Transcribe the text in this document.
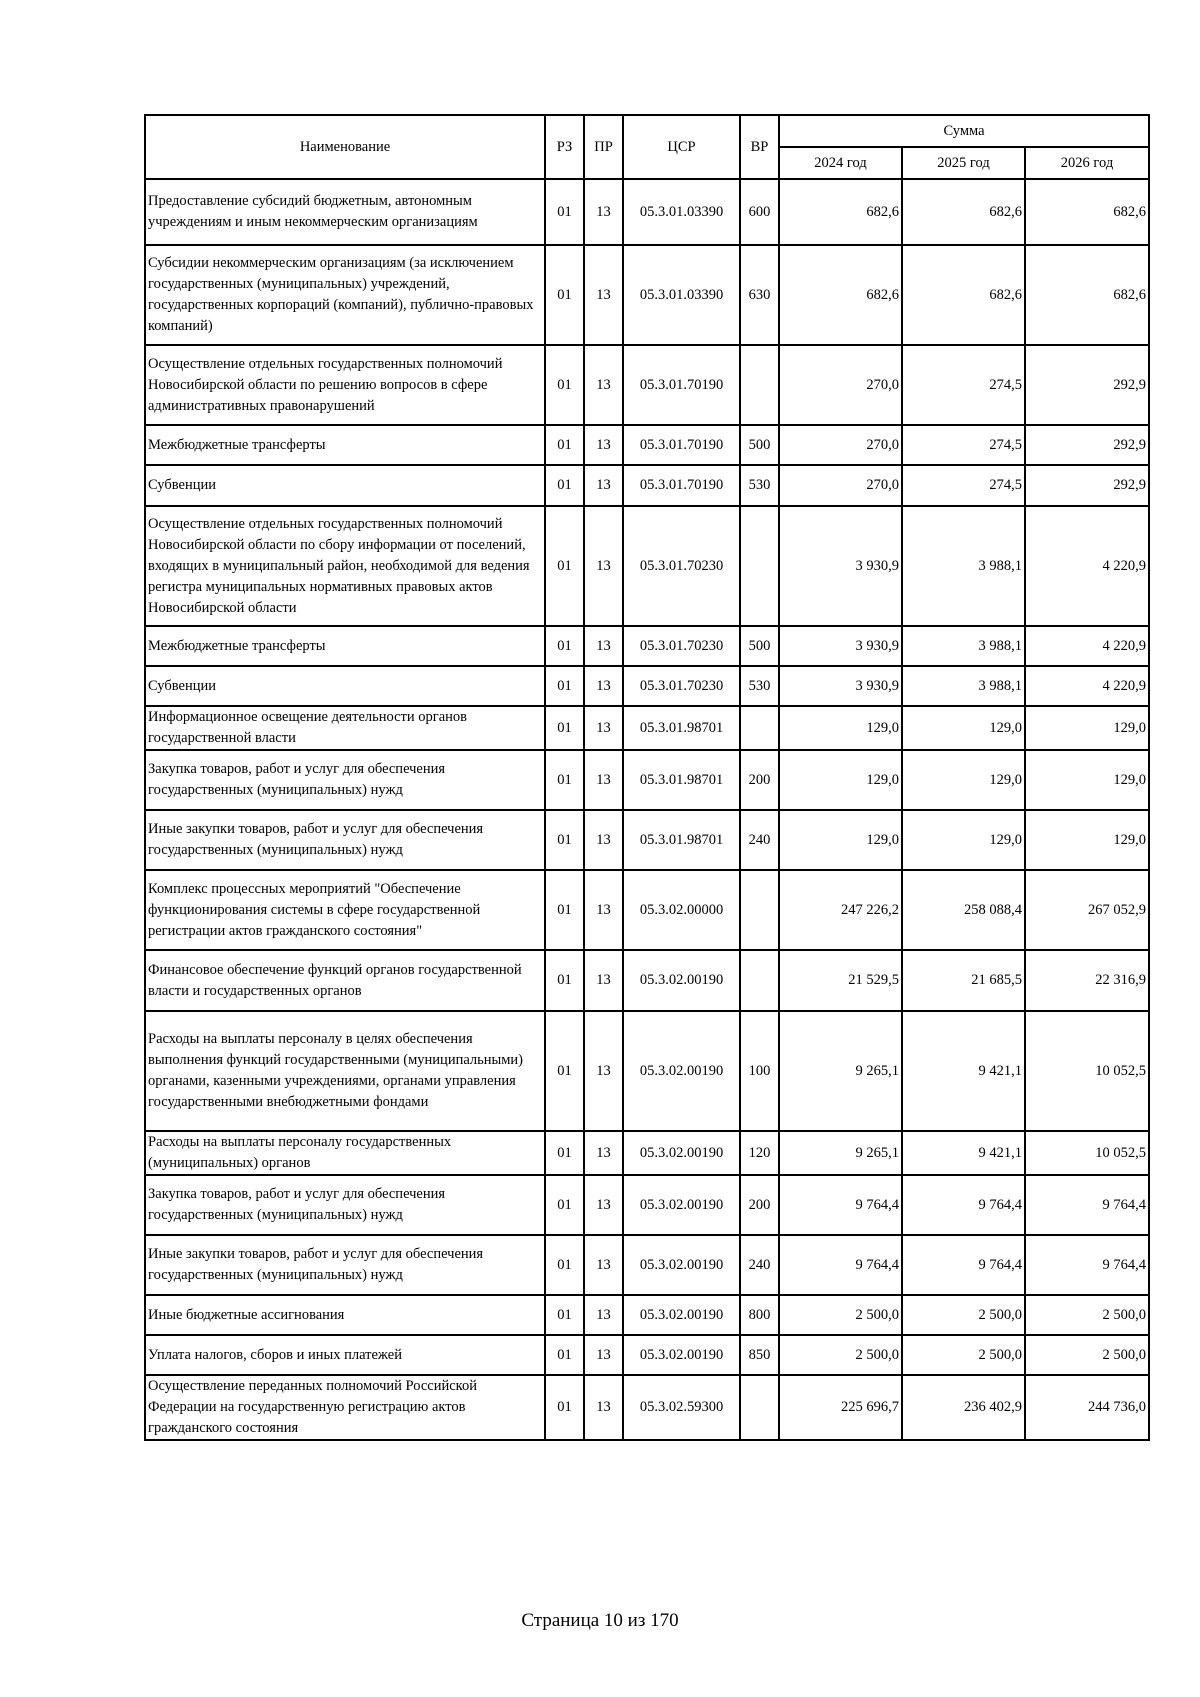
Наименование	РЗ	ПР	ЦСР	ВР	Сумма		
					2024 год	2025 год	2026 год
Предоставление субсидий бюджетным, автономным учреждениям и иным некоммерческим организациям	01	13	05.3.01.03390	600	682,6	682,6	682,6
Субсидии некоммерческим организациям (за исключением государственных (муниципальных) учреждений, государственных корпораций (компаний), публично-правовых компаний)	01	13	05.3.01.03390	630	682,6	682,6	682,6
Осуществление отдельных государственных полномочий Новосибирской области по решению вопросов в сфере административных правонарушений	01	13	05.3.01.70190		270,0	274,5	292,9
Межбюджетные трансферты	01	13	05.3.01.70190	500	270,0	274,5	292,9
Субвенции	01	13	05.3.01.70190	530	270,0	274,5	292,9
Осуществление отдельных государственных полномочий Новосибирской области по сбору информации от поселений, входящих в муниципальный район, необходимой для ведения регистра муниципальных нормативных правовых актов Новосибирской области	01	13	05.3.01.70230		3 930,9	3 988,1	4 220,9
Межбюджетные трансферты	01	13	05.3.01.70230	500	3 930,9	3 988,1	4 220,9
Субвенции	01	13	05.3.01.70230	530	3 930,9	3 988,1	4 220,9
Информационное освещение деятельности органов государственной власти	01	13	05.3.01.98701		129,0	129,0	129,0
Закупка товаров, работ и услуг для обеспечения государственных (муниципальных) нужд	01	13	05.3.01.98701	200	129,0	129,0	129,0
Иные закупки товаров, работ и услуг для обеспечения государственных (муниципальных) нужд	01	13	05.3.01.98701	240	129,0	129,0	129,0
Комплекс процессных мероприятий "Обеспечение функционирования системы в сфере государственной регистрации актов гражданского состояния"	01	13	05.3.02.00000		247 226,2	258 088,4	267 052,9
Финансовое обеспечение функций органов государственной власти и государственных органов	01	13	05.3.02.00190		21 529,5	21 685,5	22 316,9
Расходы на выплаты персоналу в целях обеспечения выполнения функций государственными (муниципальными) органами, казенными учреждениями, органами управления государственными внебюджетными фондами	01	13	05.3.02.00190	100	9 265,1	9 421,1	10 052,5
Расходы на выплаты персоналу государственных (муниципальных) органов	01	13	05.3.02.00190	120	9 265,1	9 421,1	10 052,5
Закупка товаров, работ и услуг для обеспечения государственных (муниципальных) нужд	01	13	05.3.02.00190	200	9 764,4	9 764,4	9 764,4
Иные закупки товаров, работ и услуг для обеспечения государственных (муниципальных) нужд	01	13	05.3.02.00190	240	9 764,4	9 764,4	9 764,4
Иные бюджетные ассигнования	01	13	05.3.02.00190	800	2 500,0	2 500,0	2 500,0
Уплата налогов, сборов и иных платежей	01	13	05.3.02.00190	850	2 500,0	2 500,0	2 500,0
Осуществление переданных полномочий Российской Федерации на государственную регистрацию актов гражданского состояния	01	13	05.3.02.59300		225 696,7	236 402,9	244 736,0
Страница 10 из 170
